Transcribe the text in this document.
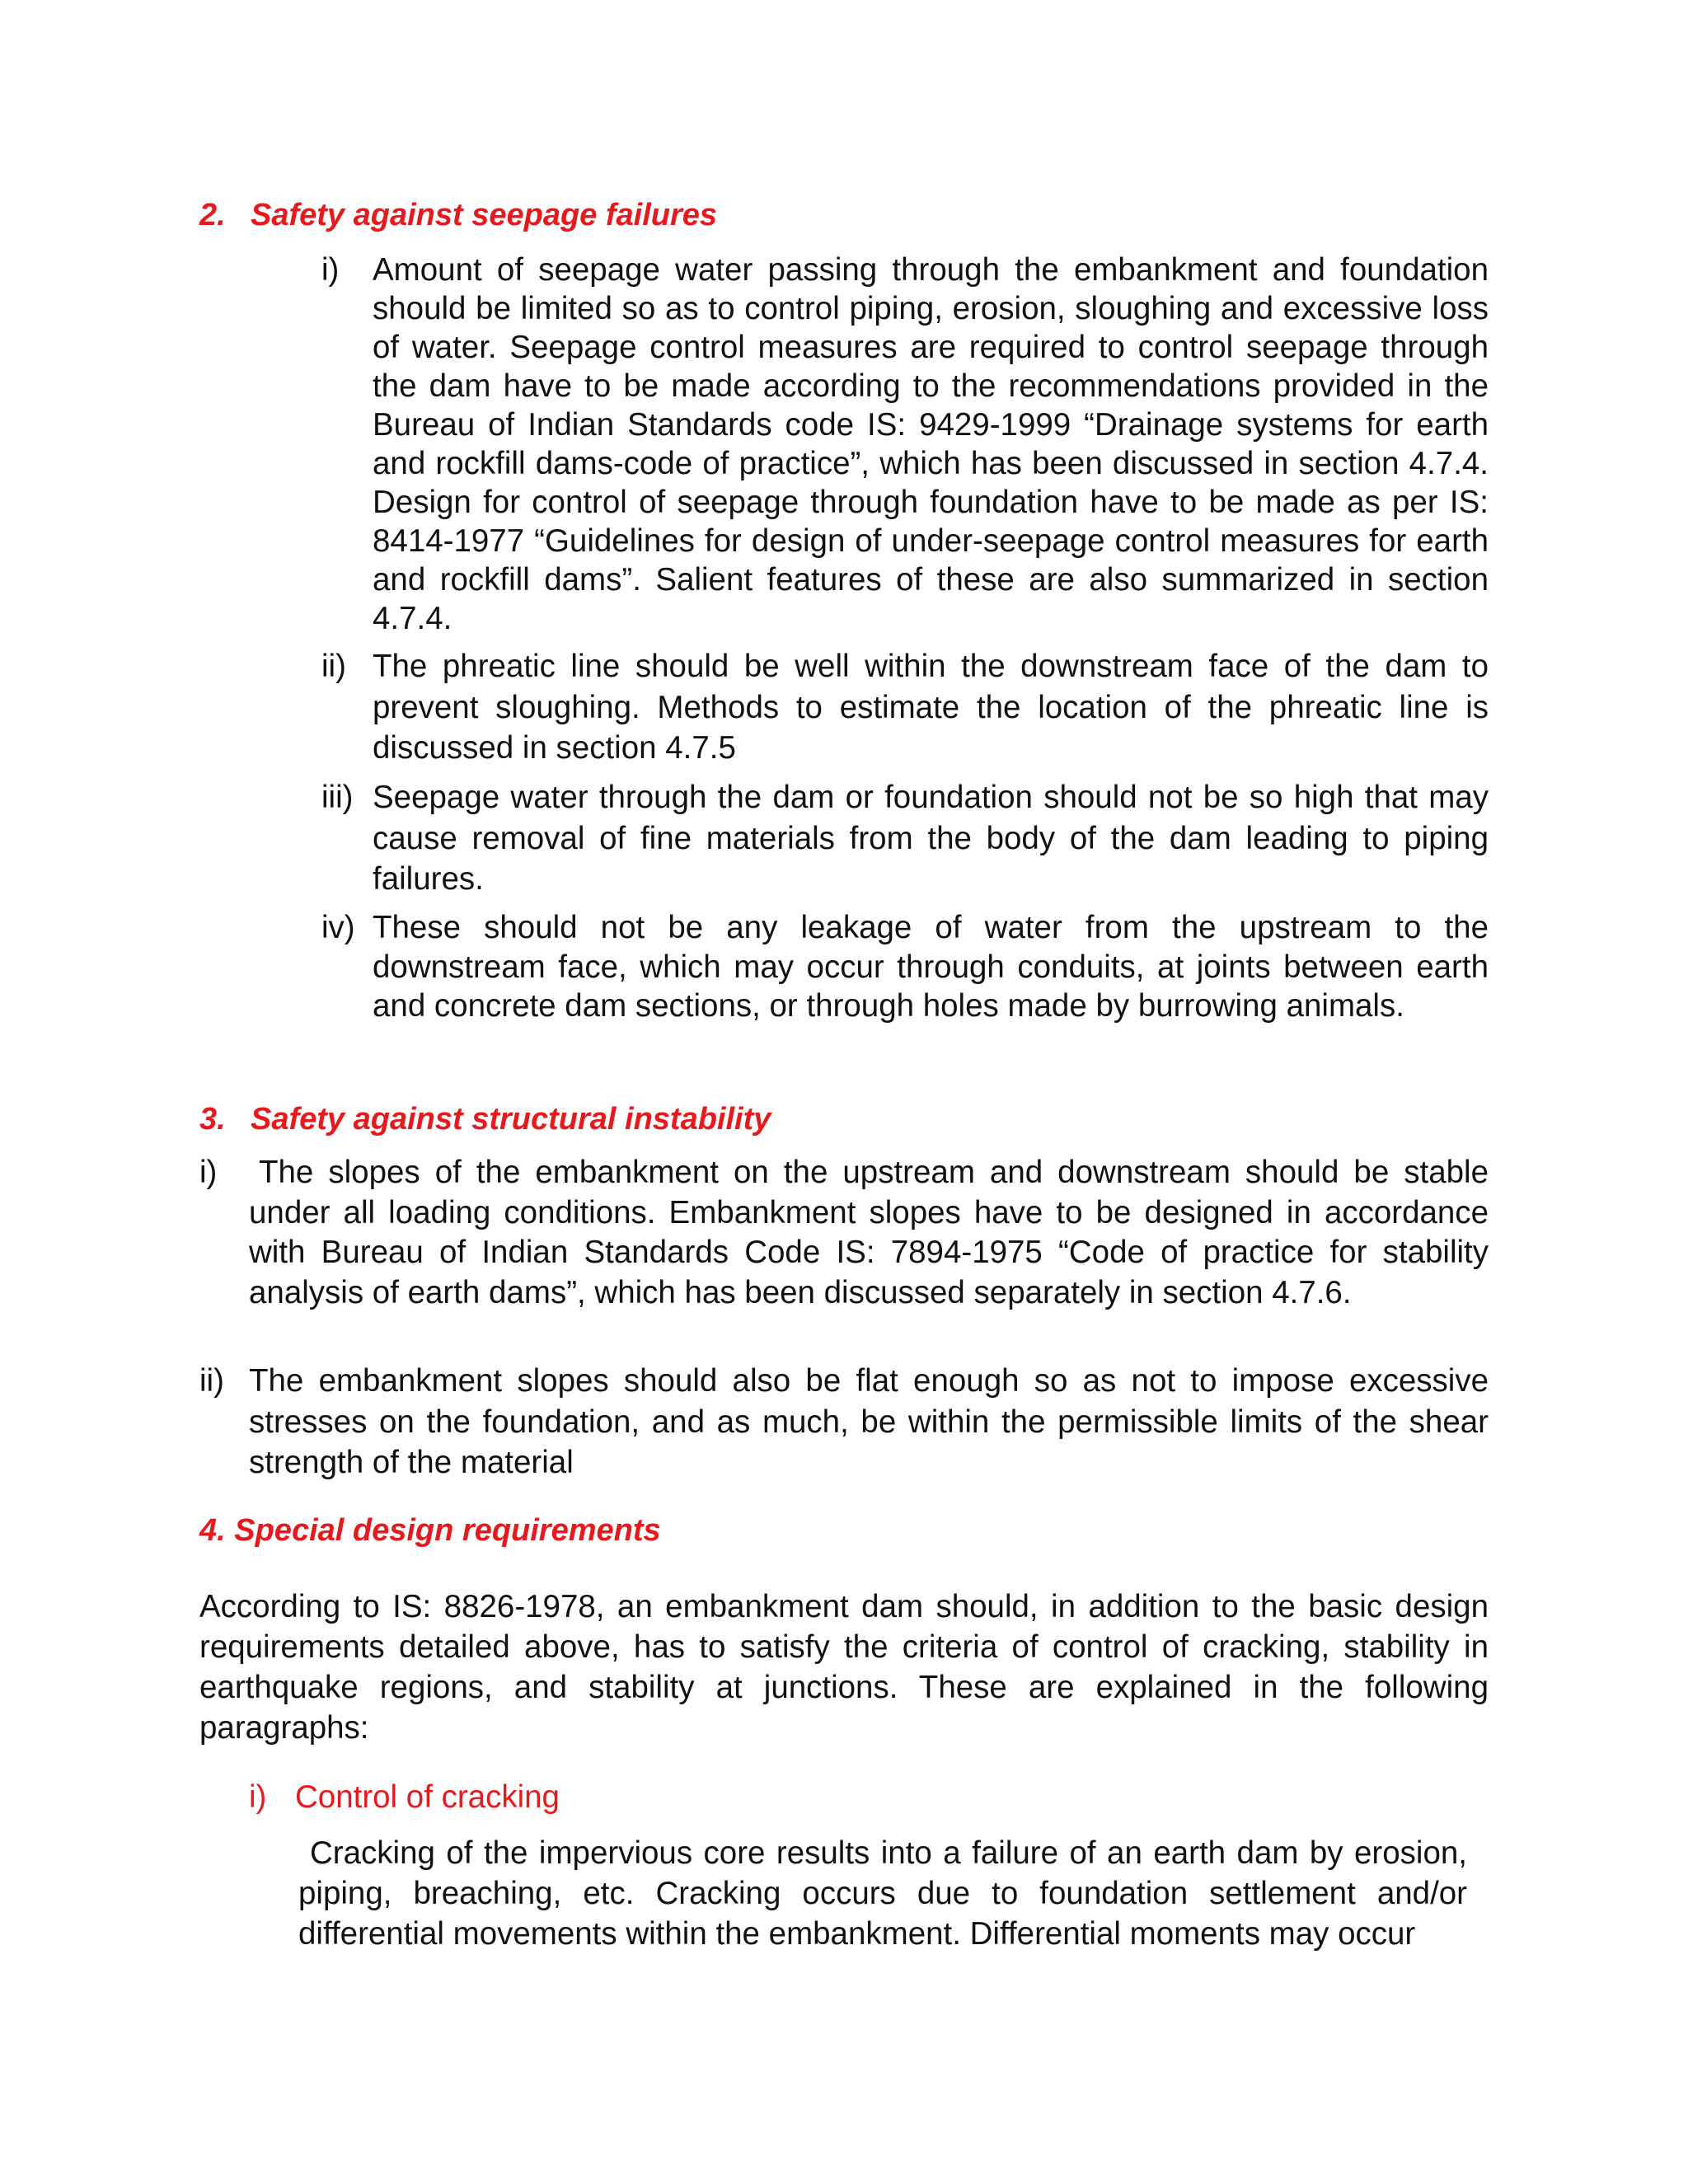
2. Safety against seepage failures
i) Amount of seepage water passing through the embankment and foundation should be limited so as to control piping, erosion, sloughing and excessive loss of water. Seepage control measures are required to control seepage through the dam have to be made according to the recommendations provided in the Bureau of Indian Standards code IS: 9429-1999 “Drainage systems for earth and rockfill dams-code of practice”, which has been discussed in section 4.7.4. Design for control of seepage through foundation have to be made as per IS: 8414-1977 “Guidelines for design of under-seepage control measures for earth and rockfill dams”. Salient features of these are also summarized in section 4.7.4.
ii) The phreatic line should be well within the downstream face of the dam to prevent sloughing. Methods to estimate the location of the phreatic line is discussed in section 4.7.5
iii) Seepage water through the dam or foundation should not be so high that may cause removal of fine materials from the body of the dam leading to piping failures.
iv) These should not be any leakage of water from the upstream to the downstream face, which may occur through conduits, at joints between earth and concrete dam sections, or through holes made by burrowing animals.
3. Safety against structural instability
i)	The slopes of the embankment on the upstream and downstream should be stable under all loading conditions. Embankment slopes have to be designed in accordance with Bureau of Indian Standards Code IS: 7894-1975 “Code of practice for stability analysis of earth dams”, which has been discussed separately in section 4.7.6.
ii) The embankment slopes should also be flat enough so as not to impose excessive stresses on the foundation, and as much, be within the permissible limits of the shear strength of the material
4. Special design requirements
According to IS: 8826-1978, an embankment dam should, in addition to the basic design requirements detailed above, has to satisfy the criteria of control of cracking, stability in earthquake regions, and stability at junctions. These are explained in the following paragraphs:
i) Control of cracking
Cracking of the impervious core results into a failure of an earth dam by erosion, piping, breaching, etc. Cracking occurs due to foundation settlement and/or differential movements within the embankment. Differential moments may occur
